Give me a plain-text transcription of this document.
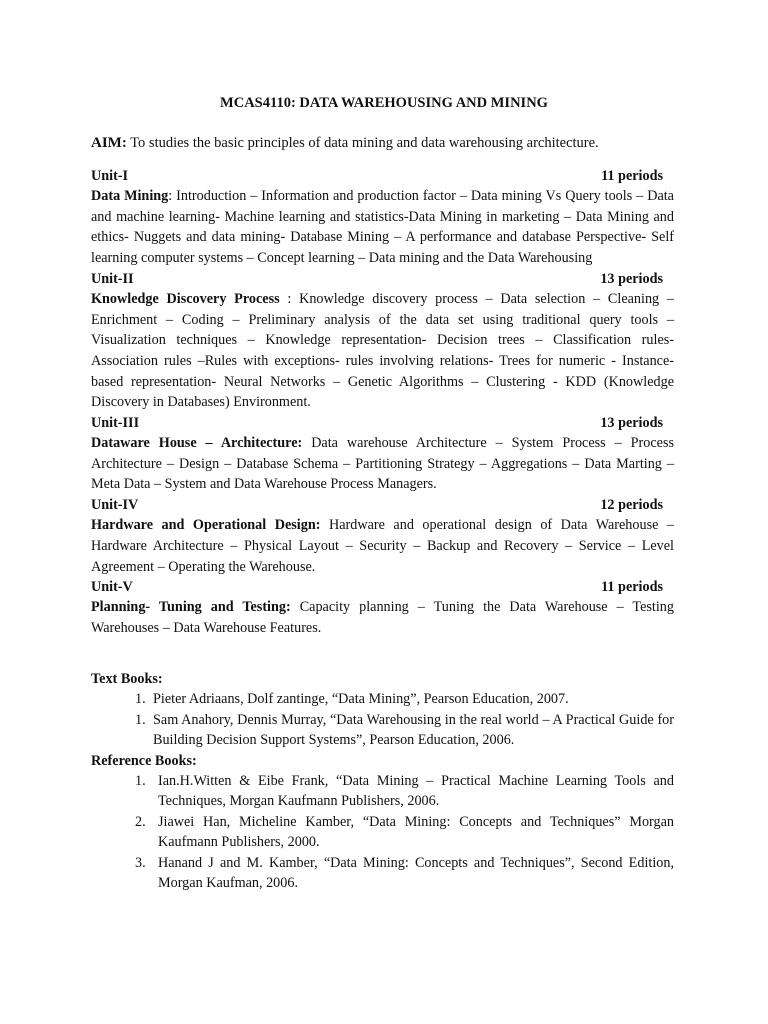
MCAS4110: DATA WAREHOUSING AND MINING
AIM: To studies the basic principles of data mining and data warehousing architecture.
Unit-I	11 periods
Data Mining: Introduction – Information and production factor – Data mining Vs Query tools – Data and machine learning- Machine learning and statistics-Data Mining in marketing – Data Mining and ethics- Nuggets and data mining- Database Mining – A performance and database Perspective- Self learning computer systems – Concept learning – Data mining and the Data Warehousing
Unit-II	13 periods
Knowledge Discovery Process : Knowledge discovery process – Data selection – Cleaning – Enrichment – Coding – Preliminary analysis of the data set using traditional query tools – Visualization techniques – Knowledge representation- Decision trees – Classification rules- Association rules –Rules with exceptions- rules involving relations- Trees for numeric - Instance-based representation- Neural Networks – Genetic Algorithms – Clustering - KDD (Knowledge Discovery in Databases) Environment.
Unit-III	13 periods
Dataware House – Architecture: Data warehouse Architecture – System Process – Process Architecture – Design – Database Schema – Partitioning Strategy – Aggregations – Data Marting – Meta Data – System and Data Warehouse Process Managers.
Unit-IV	12 periods
Hardware and Operational Design: Hardware and operational design of Data Warehouse – Hardware Architecture – Physical Layout – Security – Backup and Recovery – Service – Level Agreement – Operating the Warehouse.
Unit-V	11 periods
Planning- Tuning and Testing: Capacity planning – Tuning the Data Warehouse – Testing Warehouses – Data Warehouse Features.
Text Books:
1. Pieter Adriaans, Dolf zantinge, “Data Mining”, Pearson Education, 2007.
1. Sam Anahory, Dennis Murray, “Data Warehousing in the real world – A Practical Guide for Building Decision Support Systems”, Pearson Education, 2006.
Reference Books:
1. Ian.H.Witten & Eibe Frank, “Data Mining – Practical Machine Learning Tools and Techniques, Morgan Kaufmann Publishers, 2006.
2. Jiawei Han, Micheline Kamber, “Data Mining: Concepts and Techniques” Morgan Kaufmann Publishers, 2000.
3. Hanand J and M. Kamber, “Data Mining: Concepts and Techniques”, Second Edition, Morgan Kaufman, 2006.
